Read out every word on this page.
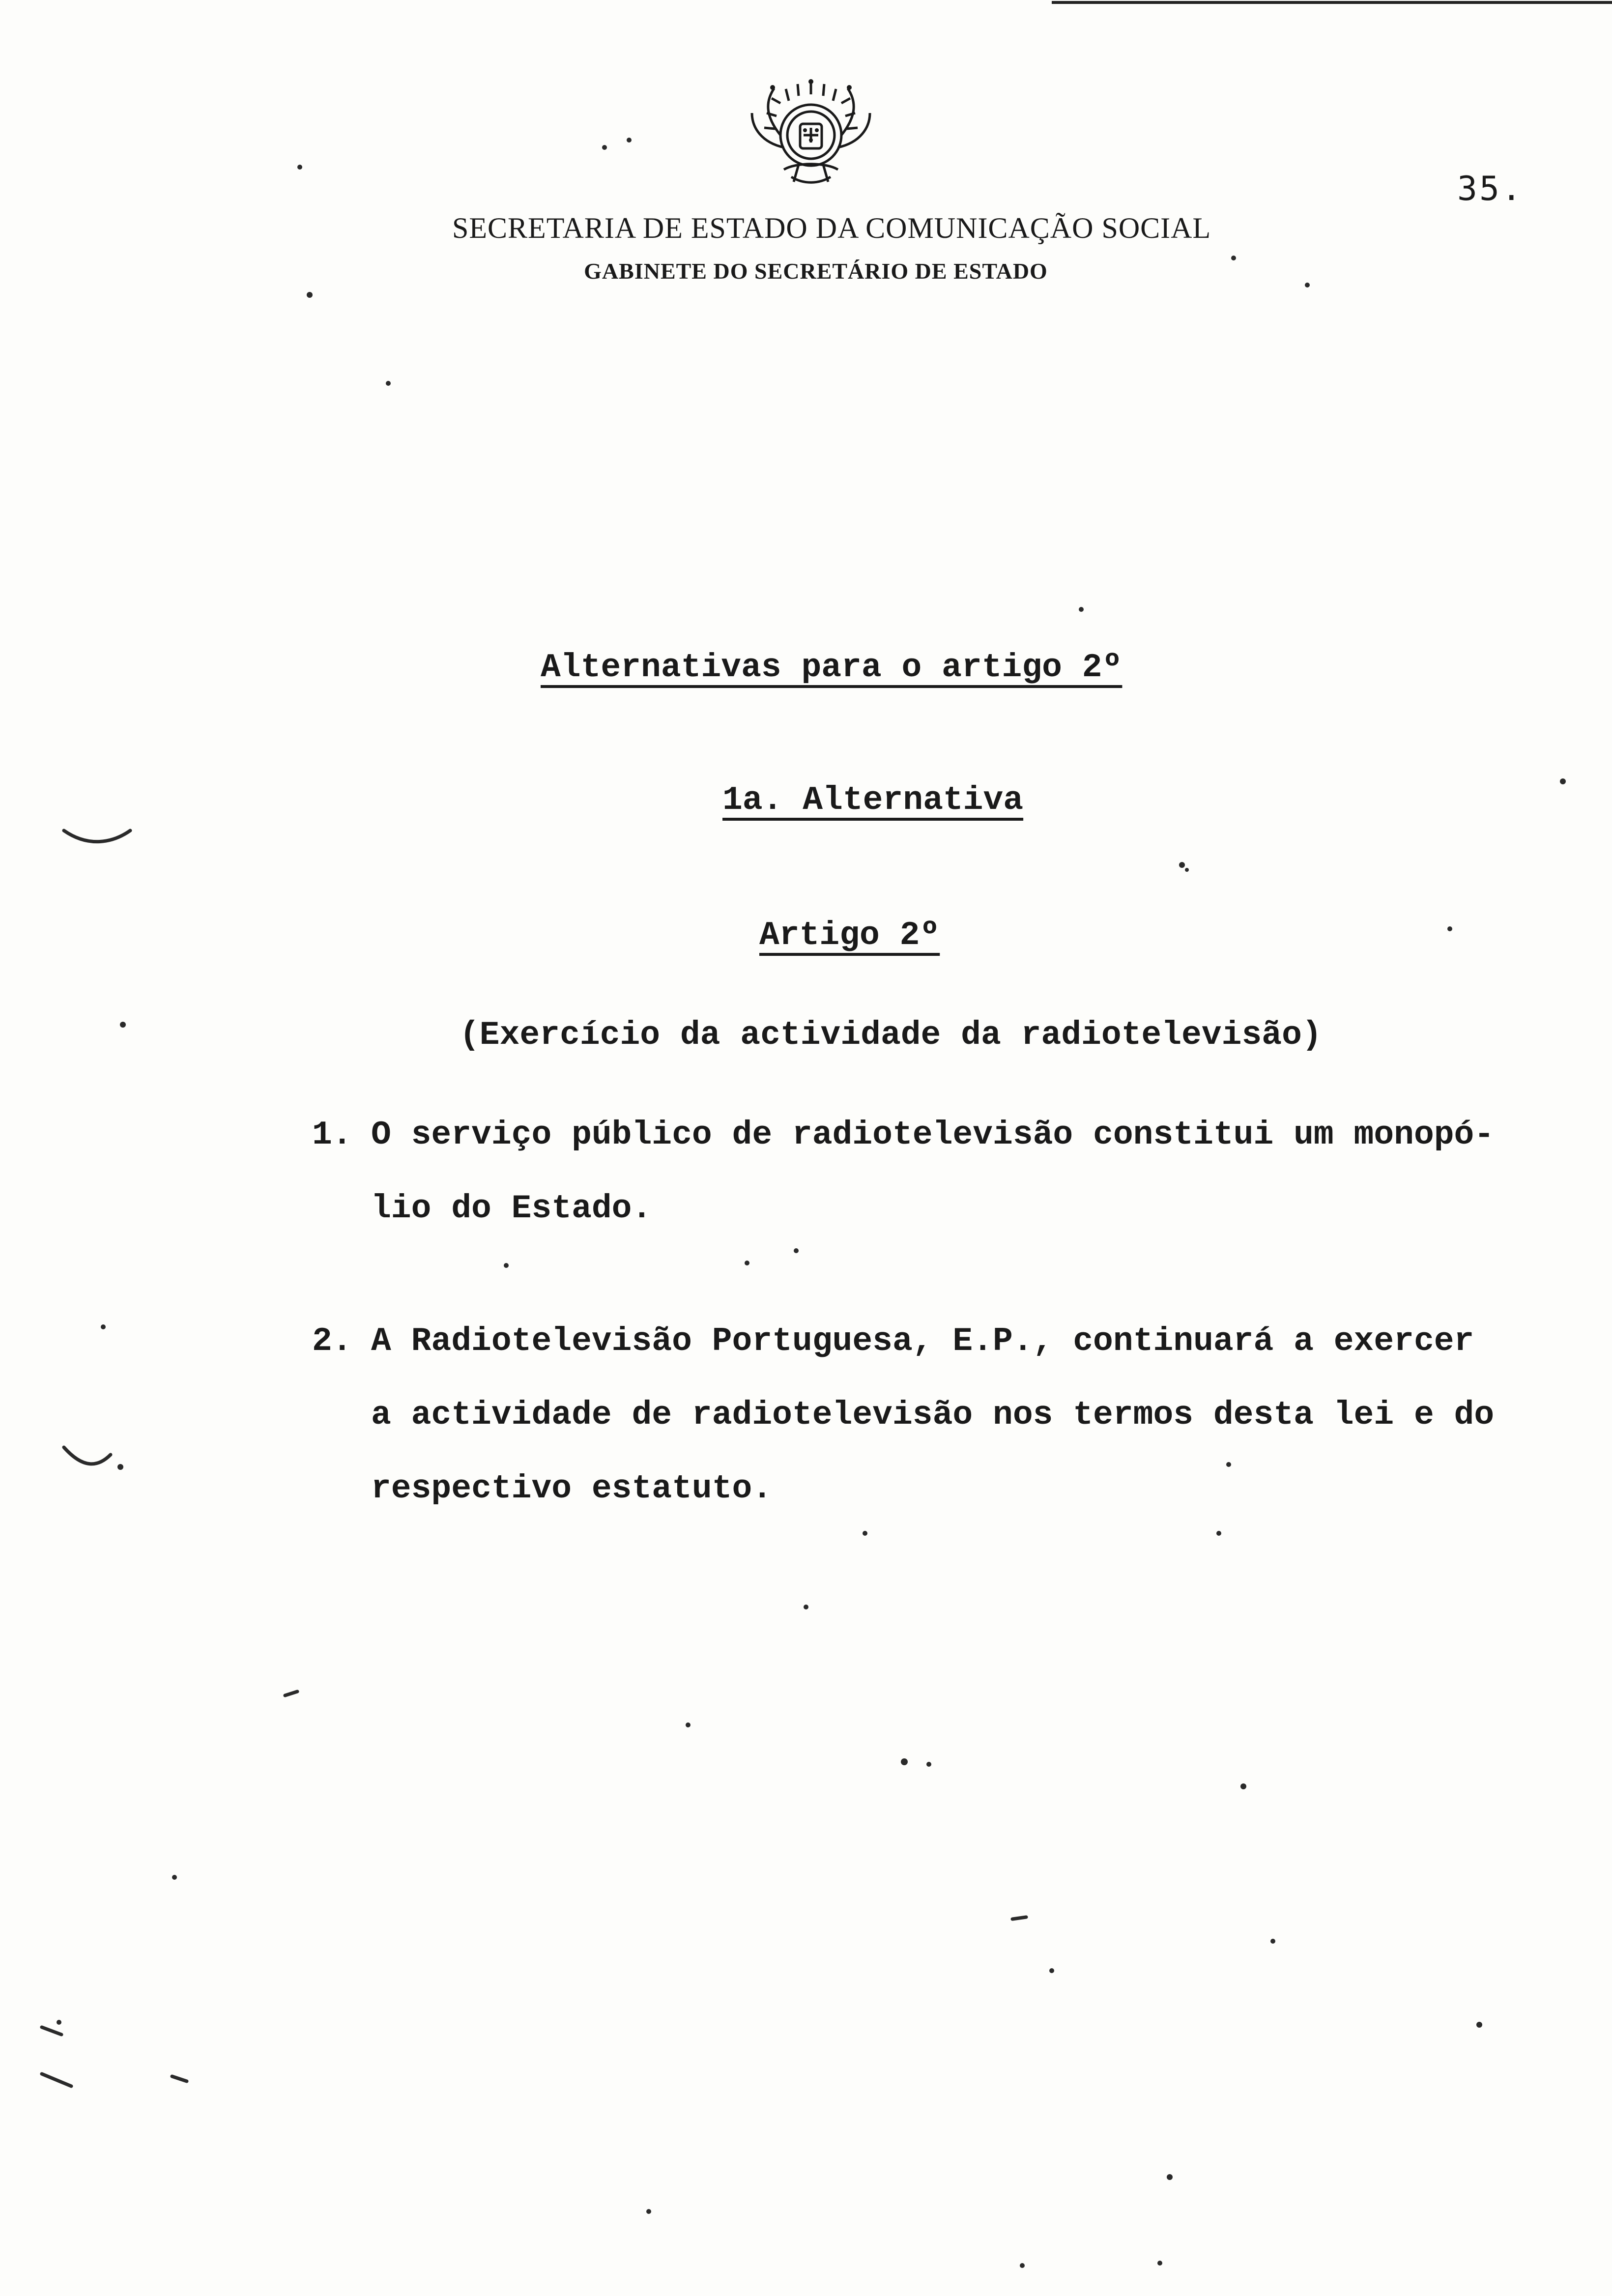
35.
SECRETARIA DE ESTADO DA COMUNICAÇÃO SOCIAL
GABINETE DO SECRETÁRIO DE ESTADO
Alternativas para o artigo 2º
1a. Alternativa
Artigo 2º
(Exercício da actividade da radiotelevisão)
1. O serviço público de radiotelevisão constitui um monopó-
lio do Estado.
2. A Radiotelevisão Portuguesa, E.P., continuará a exercer
a actividade de radiotelevisão nos termos desta lei e do
respectivo estatuto.
